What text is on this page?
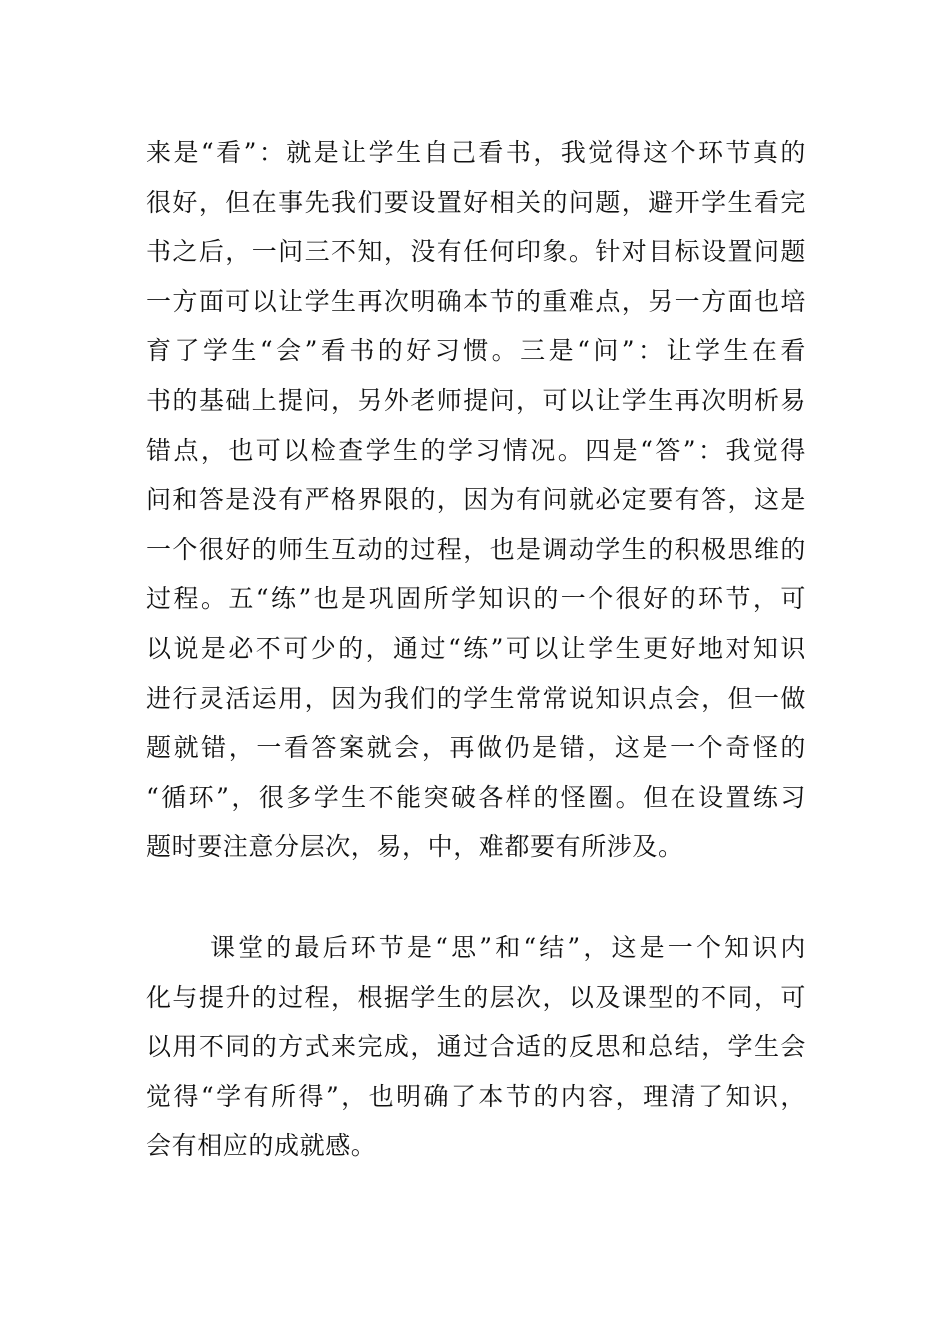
来是“看”：就是让学生自己看书，我觉得这个环节真的
很好，但在事先我们要设置好相关的问题，避开学生看完
书之后，一问三不知，没有任何印象。针对目标设置问题
一方面可以让学生再次明确本节的重难点，另一方面也培
育了学生“会”看书的好习惯。三是“问”：让学生在看
书的基础上提问，另外老师提问，可以让学生再次明析易
错点，也可以检查学生的学习情况。四是“答”：我觉得
问和答是没有严格界限的，因为有问就必定要有答，这是
一个很好的师生互动的过程，也是调动学生的积极思维的
过程。五“练”也是巩固所学知识的一个很好的环节，可
以说是必不可少的，通过“练”可以让学生更好地对知识
进行灵活运用，因为我们的学生常常说知识点会，但一做
题就错，一看答案就会，再做仍是错，这是一个奇怪的
“循环”，很多学生不能突破各样的怪圈。但在设置练习
题时要注意分层次，易，中，难都要有所涉及。
课堂的最后环节是“思”和“结”，这是一个知识内
化与提升的过程，根据学生的层次，以及课型的不同，可
以用不同的方式来完成，通过合适的反思和总结，学生会
觉得“学有所得”，也明确了本节的内容，理清了知识，
会有相应的成就感。
